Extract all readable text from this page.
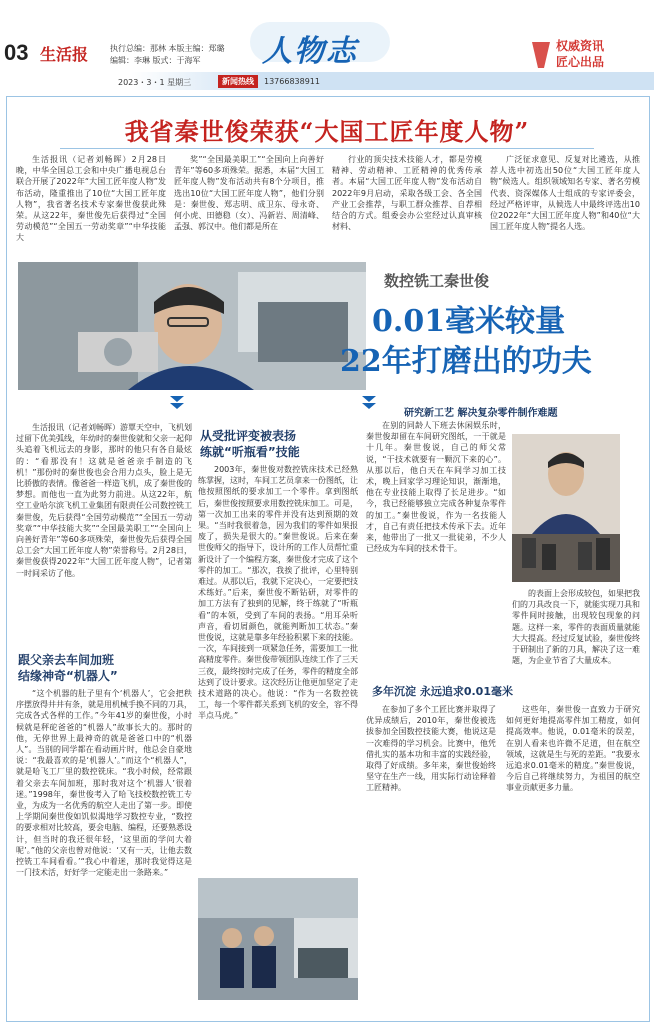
03 生活报	执行总编：那林 本版主编：郑璐
编辑：李琳 版式：于海军	人物志	权威资讯
匠心出品
2023・3・1 星期三	新闻热线	13766838911
我省秦世俊荣获“大国工匠年度人物”

生活报讯（记者刘畅晖）2月28日晚，中华全国总工会和中央广播电视总台联合开展了2022年“大国工匠年度人物”发布活动，隆重推出了10位“大国工匠年度人物”，我省著名技术专家秦世俊获此殊荣。从这22年，秦世俊先后获得过“全国劳动模范”“全国五一劳动奖章”“中华技能大

奖”“全国最美职工”“全国向上向善好青年”等60多项殊荣。据悉，本届“大国工匠年度人物”发布活动共有8个分项目，推选出10位“大国工匠年度人物”，他们分别是：秦世俊、郑志明、成卫东、母永奇、何小虎、田德稳（女）、冯新岩、周清峰、孟强、郭汉中。他们都是所在

行业的顶尖技术技能人才，都是劳模精神、劳动精神、工匠精神的优秀传承者。本届“大国工匠年度人物”发布活动自2022年9月启动，采取各级工会、各全国产业工会推荐，与职工群众推荐、自荐相结合的方式。组委会办公室经过认真审核材料、

广泛征求意见、反复对比遴选，从推荐人选中初选出50位“大国工匠年度人物”候选人。组织领域知名专家、著名劳模代表、资深媒体人士组成的专家评委会，经过严格评审，从候选人中最终评选出10位2022年“大国工匠年度人物”和40位“大国工匠年度人物”提名人选。

数控铣工秦世俊
0.01毫米较量
22年打磨出的功夫
研究新工艺 解决复杂零件制作难题

生活报讯（记者刘畅晖）游覃天空中，飞机划过留下优美弧线，年幼时的秦世俊就和父亲一起仰头追着飞机远去的身影，那时的他只有各自最炫的：“看那没有！这就是爸爸亲手制造的飞机！”那份时的秦世俊也会合用力点头，脸上是无比骄傲的表情。像爸爸一样造飞机，成了秦世俊的梦想。而他也一直为此努力前进。从这22年，航空工业哈尔滨飞机工业集团有限责任公司数控铣工秦世俊，先后获得“全国劳动模范”“全国五一劳动奖章”“中华技能大奖”“全国最美职工”“全国向上向善好青年”等60多项殊荣，秦世俊先后获得全国总工会“大国工匠年度人物”荣誉称号。2月28日，秦世俊获得2022年“大国工匠年度人物”，记者第一时间采访了他。

跟父亲去车间加班
结缘神奇“机器人”

“这个机器的肚子里有个‘机器人’，它会把秩序摆放得井井有条，就是用机械手换不同的刀具，完成各式各样的工作。”今年41岁的秦世俊，小时候就是秤砣爸爸的“机器人”故事长大的。那时的他，无停世界上最神奇的就是爸爸口中的“机器人”。当别的同学都在看动画片时，他总会自豪地说：“我最喜欢的是‘机器人’。”而这个“机器人”，就是哈飞工厂里的数控铣床。“我小时候，经常跟着父亲去车间加班，那时我对这个‘机器人’很着迷。”1998年，秦世俊考入了哈飞技校数控铣工专业，为成为一名优秀的航空人走出了第一步。即使上学期间秦世俊如饥似渴地学习数控专业，“数控的要求相对比较高，要会电脑、编程，还要熟悉设计，但当时的我还很年轻，‘这里面的学问大着呢’。”他的父亲也曾对他说：‘又有一天，让他去数控铣工车间看看。’“我心中着迷，那时我觉得这是一门技术活，好好学一定能走出一条路来。”

从受批评变被表扬
练就“听瓶看”技能

2003年，秦世俊对数控铣床技术已经熟练掌握，这时，车间工艺员拿来一份图纸，让他按照图纸的要求加工一个零件。拿到图纸后，秦世俊按照要求用数控铣床加工。可是，第一次加工出来的零件并没有达到预期的效果。“当时我很着急，因为我们的零件如果报废了，损失是很大的。”秦世俊说。后来在秦世俊师父的指导下，设计所的工作人员帮忙重新设计了一个编程方案，秦世俊才完成了这个零件的加工。“那次，我挨了批评，心里特别难过。从那以后，我就下定决心，一定要把技术练好。”后来，秦世俊不断钻研，对零件的加工方法有了独到的见解，终于练就了“听瓶看”的本领，受到了车间的表扬。“用耳朵听声音，看切屑颜色，就能判断加工状态。”秦世俊说，这就是靠多年经验积累下来的技能。一次，车间接到一项紧急任务，需要加工一批高精度零件。秦世俊带领团队连续工作了三天三夜，最终按时完成了任务，零件的精度全部达到了设计要求。这次经历让他更加坚定了走技术道路的决心。他说：“作为一名数控铣工，每一个零件都关系到飞机的安全，容不得半点马虎。”

在别的同龄人下班去休闲娱乐时，秦世俊却留在车间研究图纸，一干就是十几年。秦世俊说，自己的师父常说，“干技术就要有一颗沉下来的心”。从那以后，他白天在车间学习加工技术，晚上回家学习理论知识，渐渐地，他在专业技能上取得了长足进步。“如今，我已经能够独立完成各种复杂零件的加工。”秦世俊说，作为一名技能人才，自己有责任把技术传承下去。近年来，他带出了一批又一批徒弟，不少人已经成为车间的技术骨干。

的表面上会形成较包，如果把我们的刀具改良一下，就能实现刀具和零件间时接触，出现较包现象的问题。这样一来，零件的表面质量就能大大提高。经过反复试验，秦世俊终于研制出了新的刀具，解决了这一难题，为企业节省了大量成本。

多年沉淀 永远追求0.01毫米

在参加了多个工匠比赛并取得了优异成绩后，2010年，秦世俊被选拔参加全国数控技能大赛，他说这是一次难得的学习机会。比赛中，他凭借扎实的基本功和丰富的实践经验，取得了好成绩。多年来，秦世俊始终坚守在生产一线，用实际行动诠释着工匠精神。

这些年，秦世俊一直致力于研究如何更好地提高零件加工精度，如何提高效率。他说，0.01毫米的误差，在别人看来也许微不足道，但在航空领域，这就是生与死的差距。“我要永远追求0.01毫米的精度。”秦世俊说，今后自己将继续努力，为祖国的航空事业贡献更多力量。
